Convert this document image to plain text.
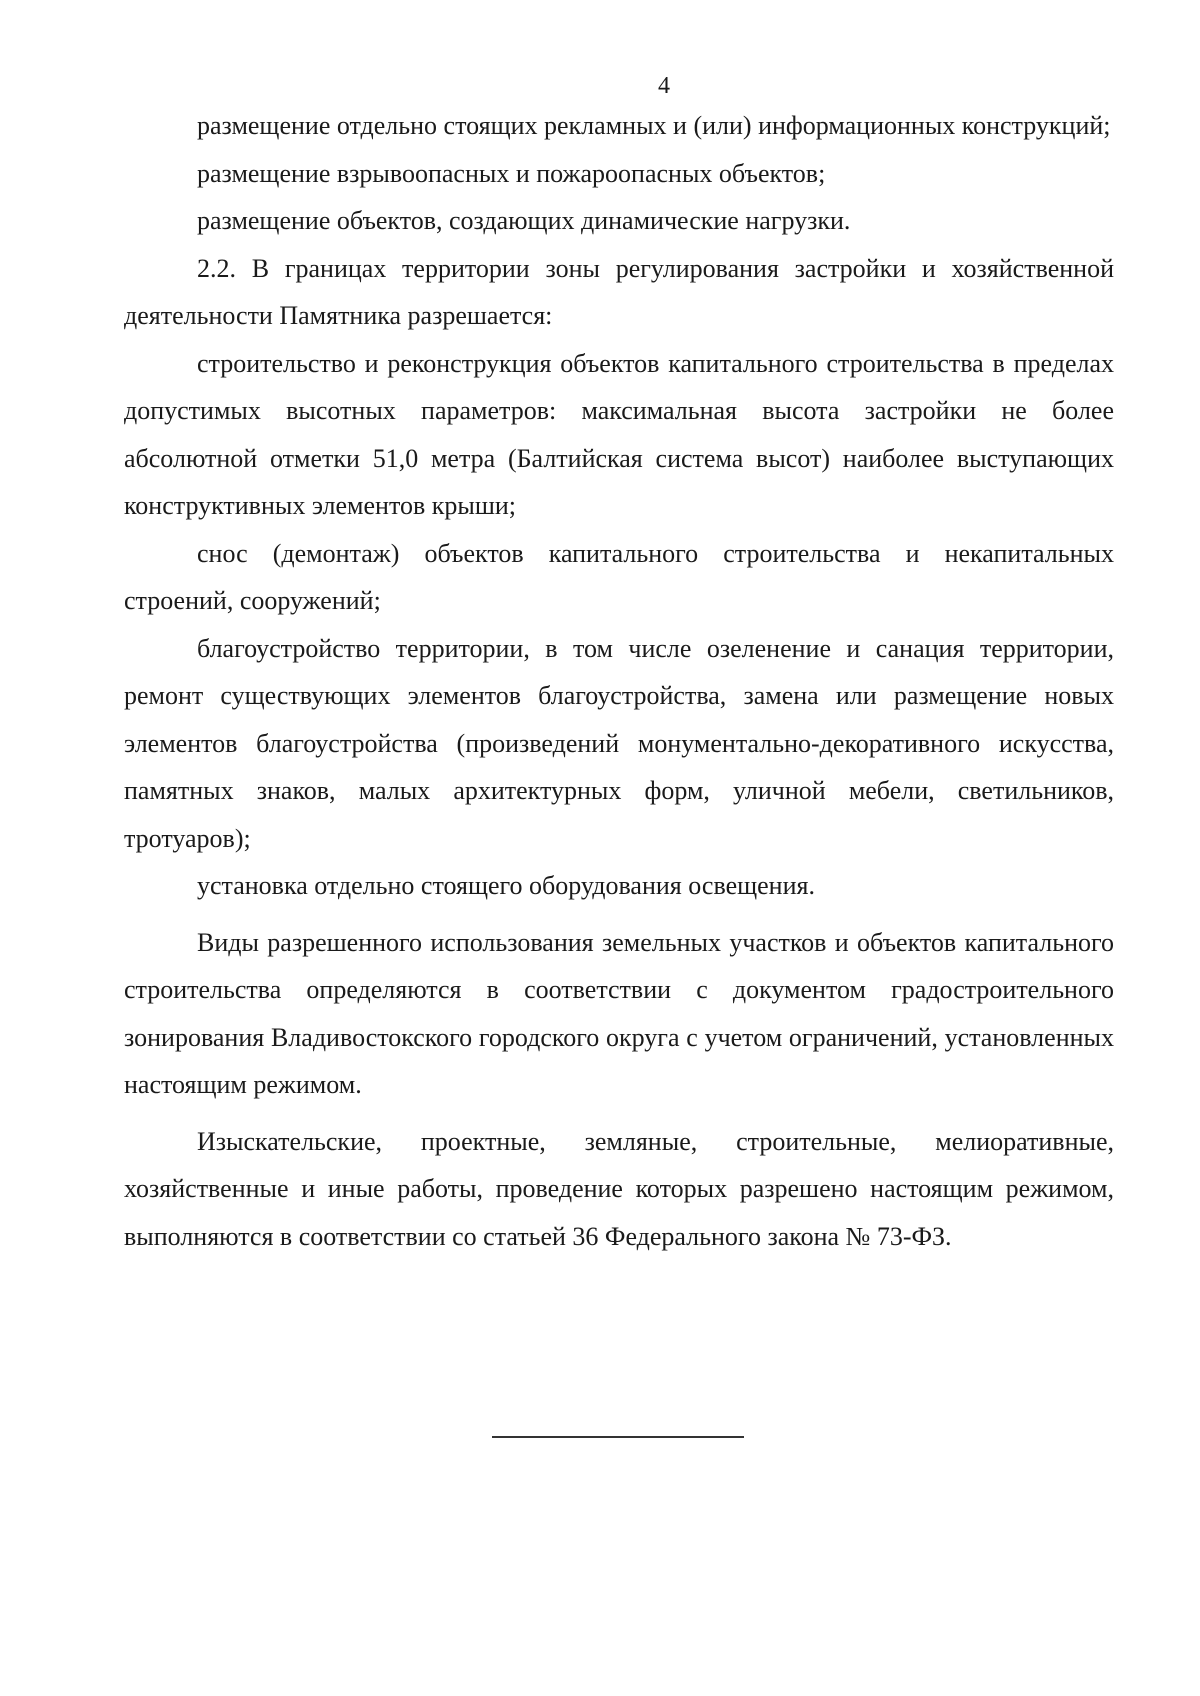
4

размещение отдельно стоящих рекламных и (или) информационных конструкций;

размещение взрывоопасных и пожароопасных объектов;

размещение объектов, создающих динамические нагрузки.

2.2. В границах территории зоны регулирования застройки и хозяйственной деятельности Памятника разрешается:

строительство и реконструкция объектов капитального строительства в пределах допустимых высотных параметров: максимальная высота застройки не более абсолютной отметки 51,0 метра (Балтийская система высот) наиболее выступающих конструктивных элементов крыши;

снос (демонтаж) объектов капитального строительства и некапитальных строений, сооружений;

благоустройство территории, в том числе озеленение и санация территории, ремонт существующих элементов благоустройства, замена или размещение новых элементов благоустройства (произведений монументально-декоративного искусства, памятных знаков, малых архитектурных форм, уличной мебели, светильников, тротуаров);

установка отдельно стоящего оборудования освещения.

Виды разрешенного использования земельных участков и объектов капитального строительства определяются в соответствии с документом градостроительного зонирования Владивостокского городского округа с учетом ограничений, установленных настоящим режимом.

Изыскательские, проектные, земляные, строительные, мелиоративные, хозяйственные и иные работы, проведение которых разрешено настоящим режимом, выполняются в соответствии со статьей 36 Федерального закона № 73-ФЗ.
